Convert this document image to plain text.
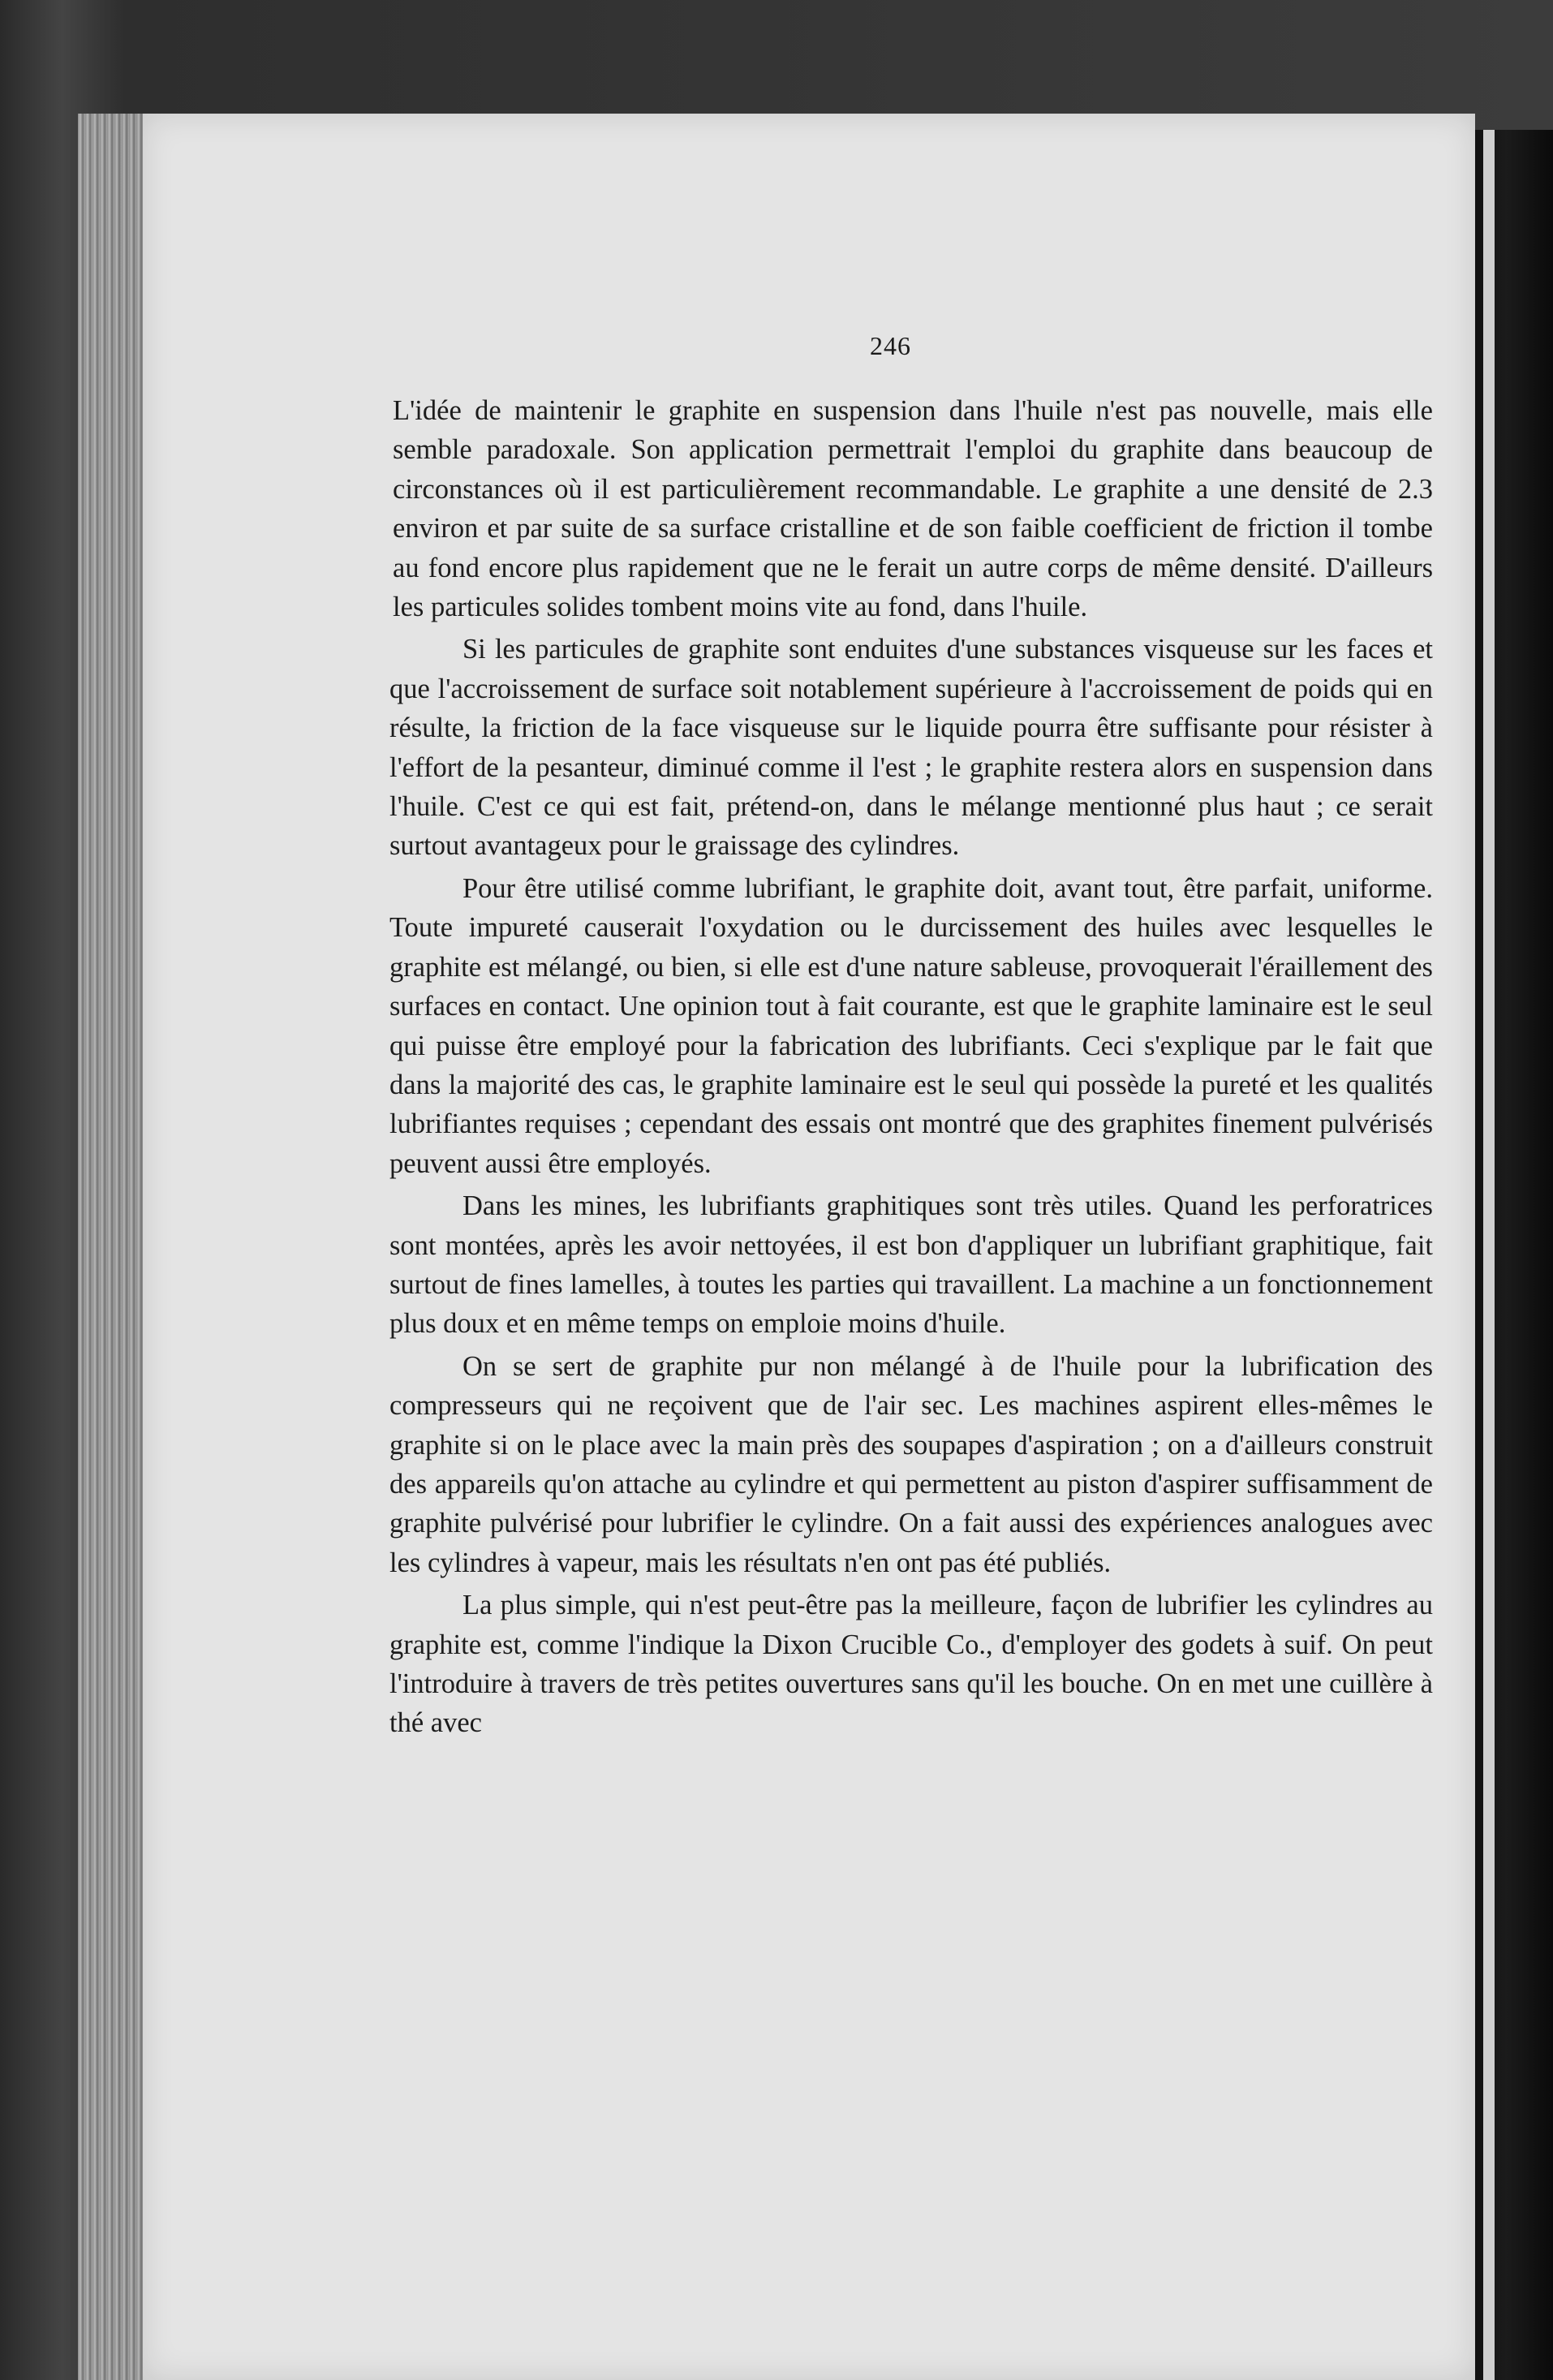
246

L'idée de maintenir le graphite en suspension dans l'huile n'est pas nouvelle, mais elle semble paradoxale. Son application permettrait l'emploi du graphite dans beaucoup de circonstances où il est particulièrement recommandable. Le graphite a une densité de 2.3 environ et par suite de sa surface cristalline et de son faible coefficient de friction il tombe au fond encore plus rapidement que ne le ferait un autre corps de même densité. D'ailleurs les particules solides tombent moins vite au fond, dans l'huile.

Si les particules de graphite sont enduites d'une substances visqueuse sur les faces et que l'accroissement de surface soit notablement supérieure à l'accroissement de poids qui en résulte, la friction de la face visqueuse sur le liquide pourra être suffisante pour résister à l'effort de la pesanteur, diminué comme il l'est ; le graphite restera alors en suspension dans l'huile. C'est ce qui est fait, prétend-on, dans le mélange mentionné plus haut ; ce serait surtout avantageux pour le graissage des cylindres.

Pour être utilisé comme lubrifiant, le graphite doit, avant tout, être parfait, uniforme. Toute impureté causerait l'oxydation ou le durcissement des huiles avec lesquelles le graphite est mélangé, ou bien, si elle est d'une nature sableuse, provoquerait l'éraillement des surfaces en contact. Une opinion tout à fait courante, est que le graphite laminaire est le seul qui puisse être employé pour la fabrication des lubrifiants. Ceci s'explique par le fait que dans la majorité des cas, le graphite laminaire est le seul qui possède la pureté et les qualités lubrifiantes requises ; cependant des essais ont montré que des graphites finement pulvérisés peuvent aussi être employés.

Dans les mines, les lubrifiants graphitiques sont très utiles. Quand les perforatrices sont montées, après les avoir nettoyées, il est bon d'appliquer un lubrifiant graphitique, fait surtout de fines lamelles, à toutes les parties qui travaillent. La machine a un fonctionnement plus doux et en même temps on emploie moins d'huile.

On se sert de graphite pur non mélangé à de l'huile pour la lubrification des compresseurs qui ne reçoivent que de l'air sec. Les machines aspirent elles-mêmes le graphite si on le place avec la main près des soupapes d'aspiration ; on a d'ailleurs construit des appareils qu'on attache au cylindre et qui permettent au piston d'aspirer suffisamment de graphite pulvérisé pour lubrifier le cylindre. On a fait aussi des expériences analogues avec les cylindres à vapeur, mais les résultats n'en ont pas été publiés.

La plus simple, qui n'est peut-être pas la meilleure, façon de lubrifier les cylindres au graphite est, comme l'indique la Dixon Crucible Co., d'employer des godets à suif. On peut l'introduire à travers de très petites ouvertures sans qu'il les bouche. On en met une cuillère à thé avec
